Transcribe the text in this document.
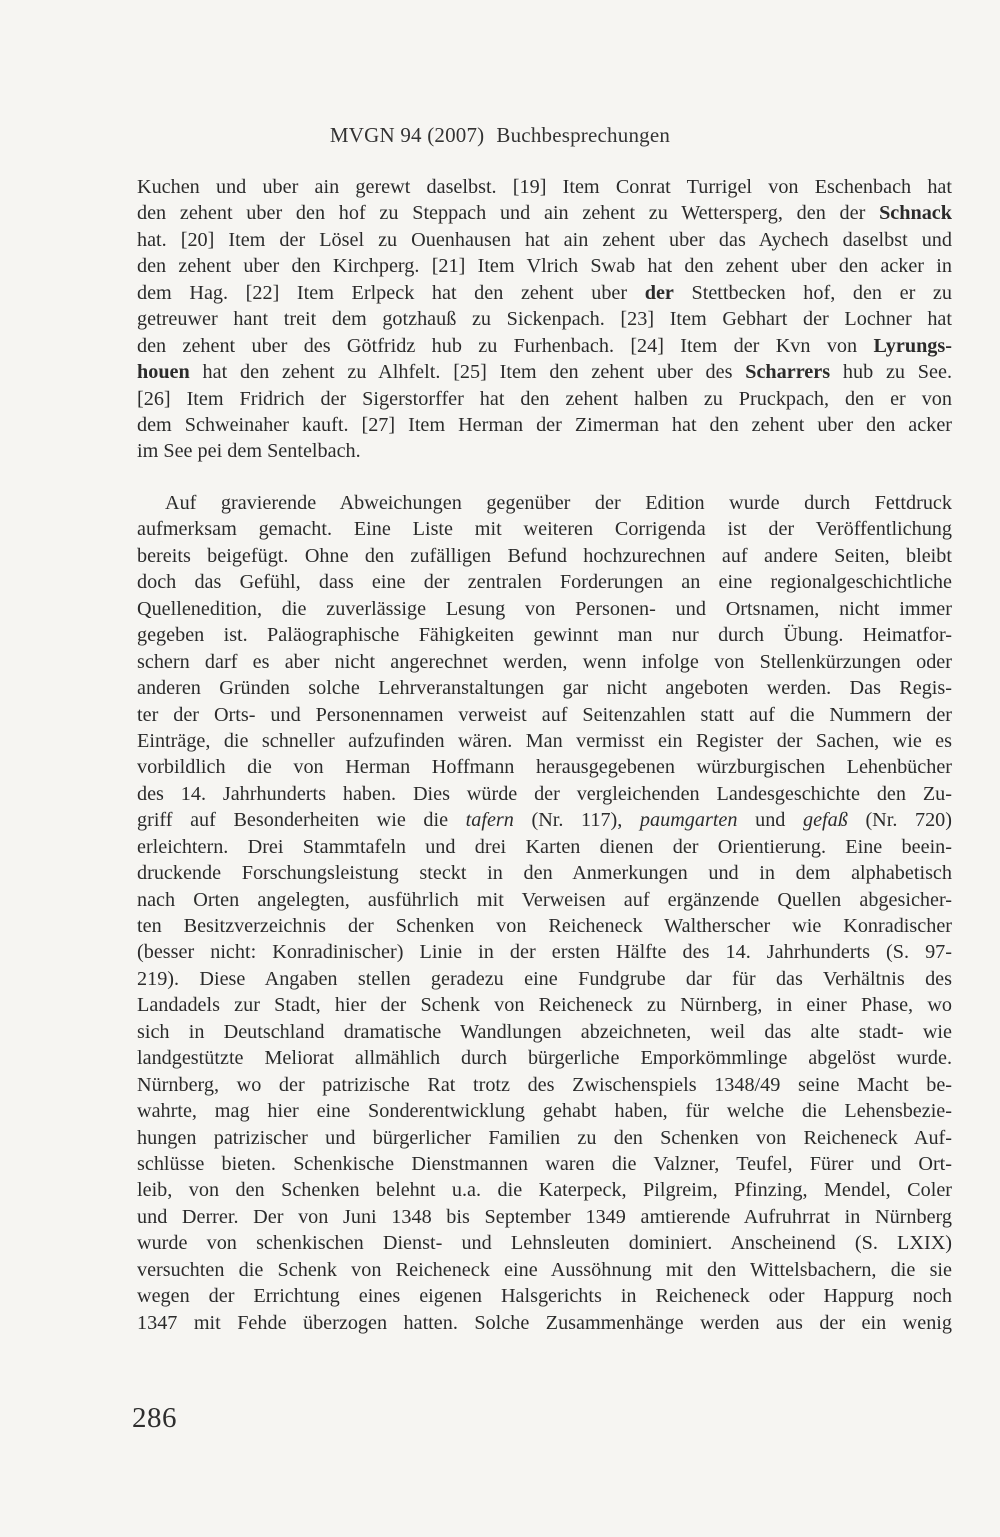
MVGN 94 (2007) Buchbesprechungen
Kuchen und uber ain gerewt daselbst. [19] Item Conrat Turrigel von Eschenbach hat
den zehent uber den hof zu Steppach und ain zehent zu Wettersperg, den der Schnack
hat. [20] Item der Lösel zu Ouenhausen hat ain zehent uber das Aychech daselbst und
den zehent uber den Kirchperg. [21] Item Vlrich Swab hat den zehent uber den acker in
dem Hag. [22] Item Erlpeck hat den zehent uber der Stettbecken hof, den er zu
getreuwer hant treit dem gotzhauß zu Sickenpach. [23] Item Gebhart der Lochner hat
den zehent uber des Götfridz hub zu Furhenbach. [24] Item der Kvn von Lyrungs-
houen hat den zehent zu Alhfelt. [25] Item den zehent uber des Scharrers hub zu See.
[26] Item Fridrich der Sigerstorffer hat den zehent halben zu Pruckpach, den er von
dem Schweinaher kauft. [27] Item Herman der Zimerman hat den zehent uber den acker
im See pei dem Sentelbach.
Auf gravierende Abweichungen gegenüber der Edition wurde durch Fettdruck
aufmerksam gemacht. Eine Liste mit weiteren Corrigenda ist der Veröffentlichung
bereits beigefügt. Ohne den zufälligen Befund hochzurechnen auf andere Seiten, bleibt
doch das Gefühl, dass eine der zentralen Forderungen an eine regionalgeschichtliche
Quellenedition, die zuverlässige Lesung von Personen- und Ortsnamen, nicht immer
gegeben ist. Paläographische Fähigkeiten gewinnt man nur durch Übung. Heimatfor-
schern darf es aber nicht angerechnet werden, wenn infolge von Stellenkürzungen oder
anderen Gründen solche Lehrveranstaltungen gar nicht angeboten werden. Das Regis-
ter der Orts- und Personennamen verweist auf Seitenzahlen statt auf die Nummern der
Einträge, die schneller aufzufinden wären. Man vermisst ein Register der Sachen, wie es
vorbildlich die von Herman Hoffmann herausgegebenen würzburgischen Lehenbücher
des 14. Jahrhunderts haben. Dies würde der vergleichenden Landesgeschichte den Zu-
griff auf Besonderheiten wie die tafern (Nr. 117), paumgarten und gefaß (Nr. 720)
erleichtern. Drei Stammtafeln und drei Karten dienen der Orientierung. Eine beein-
druckende Forschungsleistung steckt in den Anmerkungen und in dem alphabetisch
nach Orten angelegten, ausführlich mit Verweisen auf ergänzende Quellen abgesicher-
ten Besitzverzeichnis der Schenken von Reicheneck Waltherscher wie Konradischer
(besser nicht: Konradinischer) Linie in der ersten Hälfte des 14. Jahrhunderts (S. 97-
219). Diese Angaben stellen geradezu eine Fundgrube dar für das Verhältnis des
Landadels zur Stadt, hier der Schenk von Reicheneck zu Nürnberg, in einer Phase, wo
sich in Deutschland dramatische Wandlungen abzeichneten, weil das alte stadt- wie
landgestützte Meliorat allmählich durch bürgerliche Emporkömmlinge abgelöst wurde.
Nürnberg, wo der patrizische Rat trotz des Zwischenspiels 1348/49 seine Macht be-
wahrte, mag hier eine Sonderentwicklung gehabt haben, für welche die Lehensbezie-
hungen patrizischer und bürgerlicher Familien zu den Schenken von Reicheneck Auf-
schlüsse bieten. Schenkische Dienstmannen waren die Valzner, Teufel, Fürer und Ort-
leib, von den Schenken belehnt u.a. die Katerpeck, Pilgreim, Pfinzing, Mendel, Coler
und Derrer. Der von Juni 1348 bis September 1349 amtierende Aufruhrrat in Nürnberg
wurde von schenkischen Dienst- und Lehnsleuten dominiert. Anscheinend (S. LXIX)
versuchten die Schenk von Reicheneck eine Aussöhnung mit den Wittelsbachern, die sie
wegen der Errichtung eines eigenen Halsgerichts in Reicheneck oder Happurg noch
1347 mit Fehde überzogen hatten. Solche Zusammenhänge werden aus der ein wenig
286
